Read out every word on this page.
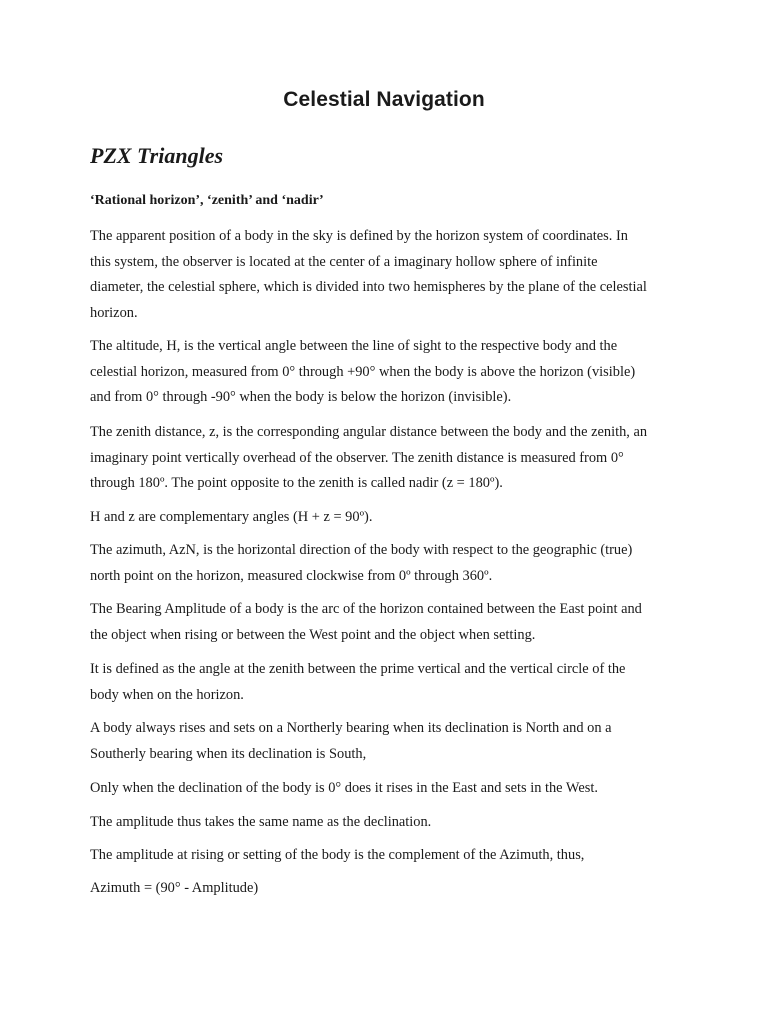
Celestial Navigation
PZX Triangles

‘Rational horizon’, ‘zenith’ and ‘nadir’

The apparent position of a body in the sky is defined by the horizon system of coordinates. In
this system, the observer is located at the center of a imaginary hollow sphere of infinite
diameter, the celestial sphere, which is divided into two hemispheres by the plane of the celestial
horizon.

The altitude, H, is the vertical angle between the line of sight to the respective body and the
celestial horizon, measured from 0° through +90° when the body is above the horizon (visible)
and from 0° through -90° when the body is below the horizon (invisible).

The zenith distance, z, is the corresponding angular distance between the body and the zenith, an
imaginary point vertically overhead of the observer. The zenith distance is measured from 0°
through 180º. The point opposite to the zenith is called nadir (z = 180º).

H and z are complementary angles (H + z = 90º).

The azimuth, AzN, is the horizontal direction of the body with respect to the geographic (true)
north point on the horizon, measured clockwise from 0º through 360º.

The Bearing Amplitude of a body is the arc of the horizon contained between the East point and
the object when rising or between the West point and the object when setting.

It is defined as the angle at the zenith between the prime vertical and the vertical circle of the
body when on the horizon.

A body always rises and sets on a Northerly bearing when its declination is North and on a
Southerly bearing when its declination is South,

Only when the declination of the body is 0° does it rises in the East and sets in the West.

The amplitude thus takes the same name as the declination.

The amplitude at rising or setting of the body is the complement of the Azimuth, thus,

Azimuth = (90° - Amplitude)
